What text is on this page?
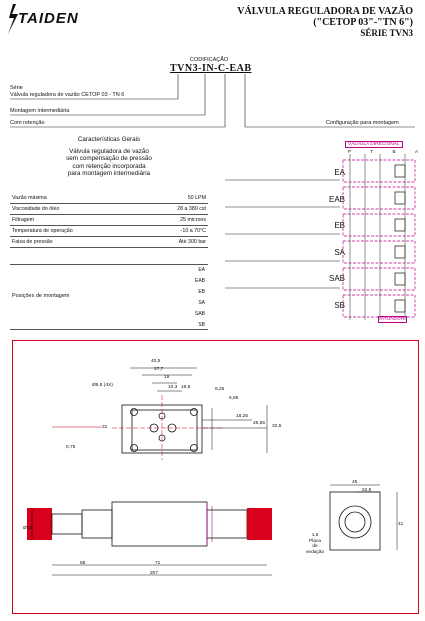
TAIDEN	VÁLVULA REGULADORA DE VAZÃO
("CETOP 03"-"TN 6")
SÉRIE TVN3
CODIFICAÇÃO
TVN3-IN-C-EAB
Série
Válvula reguladora de vazão CETOP 03 - TN 6
Montagem intermediária
Com retenção	Configuração para montagem
Características Gerais
Válvula reguladora de vazão
sem compensação de pressão
com retenção incorporada
para montagem intermediária
Vazão máxima	50 LPM
Viscosidade do óleo	28 a 380 cst
Filtragem	25 microns
Temperatura de operação	-10 a 70°C
Faixa de pressão	Até 300 bar
Posições de montagem
EA
EAB
EB
SA
SAB
SB
VÁLVULA DIRECIONAL
P	T	B	A
EA
EAB
EB
SA
SAB
SB
ATUADOR
40,5
27,7
19
10,3 16,5	6,25
5,95
18,25
26,55
32,5
31
0,75
Ø5,5 (4X)
45
22,5
41
1,5
Placa
de
vedação
Ø32
58	71
207
